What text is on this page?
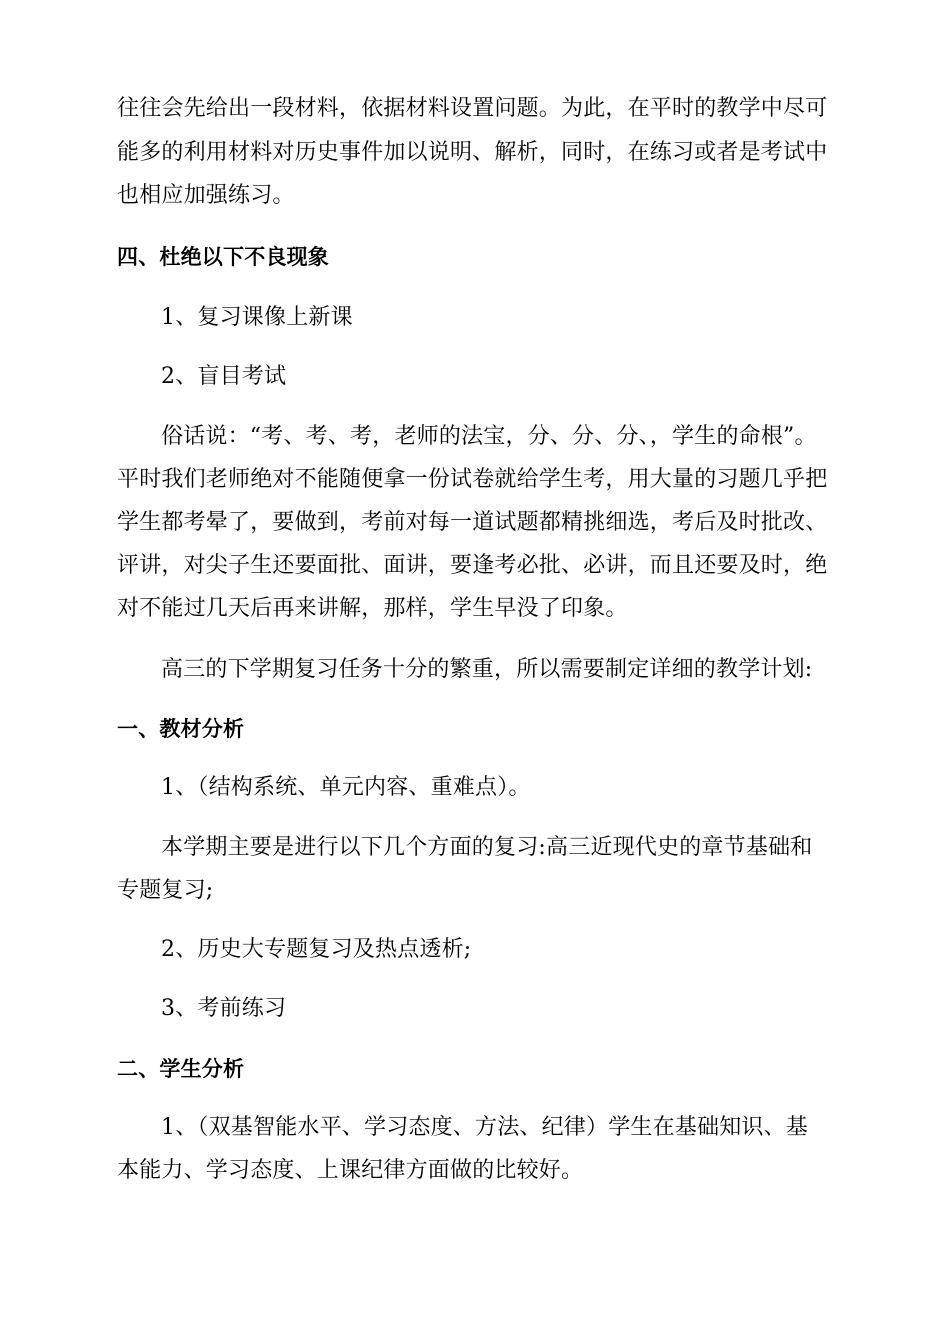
往往会先给出一段材料，依据材料设置问题。为此，在平时的教学中尽可

能多的利用材料对历史事件加以说明、解析，同时，在练习或者是考试中

也相应加强练习。

四、杜绝以下不良现象

1、复习课像上新课

2、盲目考试

俗话说：“考、考、考，老师的法宝，分、分、分、，学生的命根”。

平时我们老师绝对不能随便拿一份试卷就给学生考，用大量的习题几乎把

学生都考晕了，要做到，考前对每一道试题都精挑细选，考后及时批改、

评讲，对尖子生还要面批、面讲，要逢考必批、必讲，而且还要及时，绝

对不能过几天后再来讲解，那样，学生早没了印象。

高三的下学期复习任务十分的繁重，所以需要制定详细的教学计划:

一、教材分析

1、（结构系统、单元内容、重难点）。

本学期主要是进行以下几个方面的复习:高三近现代史的章节基础和

专题复习;

2、历史大专题复习及热点透析;

3、考前练习

二、学生分析

1、（双基智能水平、学习态度、方法、纪律）学生在基础知识、基

本能力、学习态度、上课纪律方面做的比较好。
